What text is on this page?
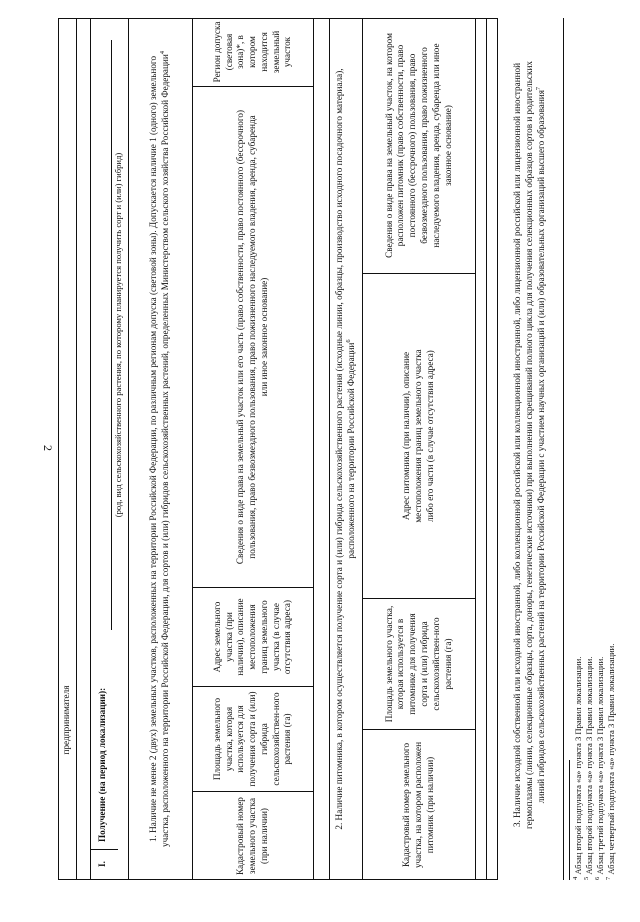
2
предпринимателя
I.
Получение (на период локализации):
(род, вид сельскохозяйственного растения, по которому планируется получить сорт и (или) гибрид)	1. Наличие не менее 2 (двух) земельных участков, расположенных на территории Российской Федерации, по различным регионам допуска (световой зоны). Допускается наличие 1 (одного) земельного участка, расположенного на территории Российской Федерации, для сортов и (или) гибридов сельскохозяйственных растений, определенных Министерством сельского хозяйства Российской Федерации$^4$
Кадастровый номер земельного участка (при наличии)
Площадь земельного участка, которая используется для получения сорта и (или) гибрида сельскохозяйствен-ного растения (га)
Адрес земельного участка (при наличии), описание местоположения границ земельного участка (в случае отсутствия адреса)
Сведения о виде права на земельный участок или его часть (право собственности, право постоянного (бессрочного) пользования, право безвозмездного пользования, право пожизненного наследуемого владения, аренда, субаренда или иное законное основание)
Регион допуска (световая зона)*, в котором находится земельный участок
2. Наличие питомника, в котором осуществляется получение сорта и (или) гибрида сельскохозяйственного растения (исходные линии, образцы, производство исходного посадочного материала), расположенного на территории Российской Федерации$^6$
Кадастровый номер земельного участка, на котором расположен питомник (при наличии)
Площадь земельного участка, которая используется в питомнике для получения сорта и (или) гибрида сельскохозяйствен-ного растения (га)
Адрес питомника (при наличии), описание местоположения границ земельного участка либо его части (в случае отсутствия адреса)
Сведения о виде права на земельный участок, на котором расположен питомник (право собственности, право постоянного (бессрочного) пользования, право безвозмездного пользования, право пожизненного наследуемого владения, аренда, субаренда или иное законное основание)	3. Наличие исходной собственной или исходной иностранной, либо коллекционной российской или коллекционной иностранной, либо лицензионной российской или лицензионной иностранной гермоплазмы (линии, селекционные образцы, сорта, доноры, генетические источники) при выполнении скрещиваний полного цикла для получения селекционных образцов сортов и родительских линий гибридов сельскохозяйственных растений на территории Российской Федерации с участием научных организаций и (или) образовательных организаций высшего образования$^7$
$^4$ Абзац второй подпункта «а» пункта 3 Правил локализации.
$^5$ Абзац второй подпункта «а» пункта 3 Правил локализации.
$^6$ Абзац третий подпункта «а» пункта 3 Правил локализации.
$^7$ Абзац четвертый подпункта «а» пункта 3 Правил локализации.
